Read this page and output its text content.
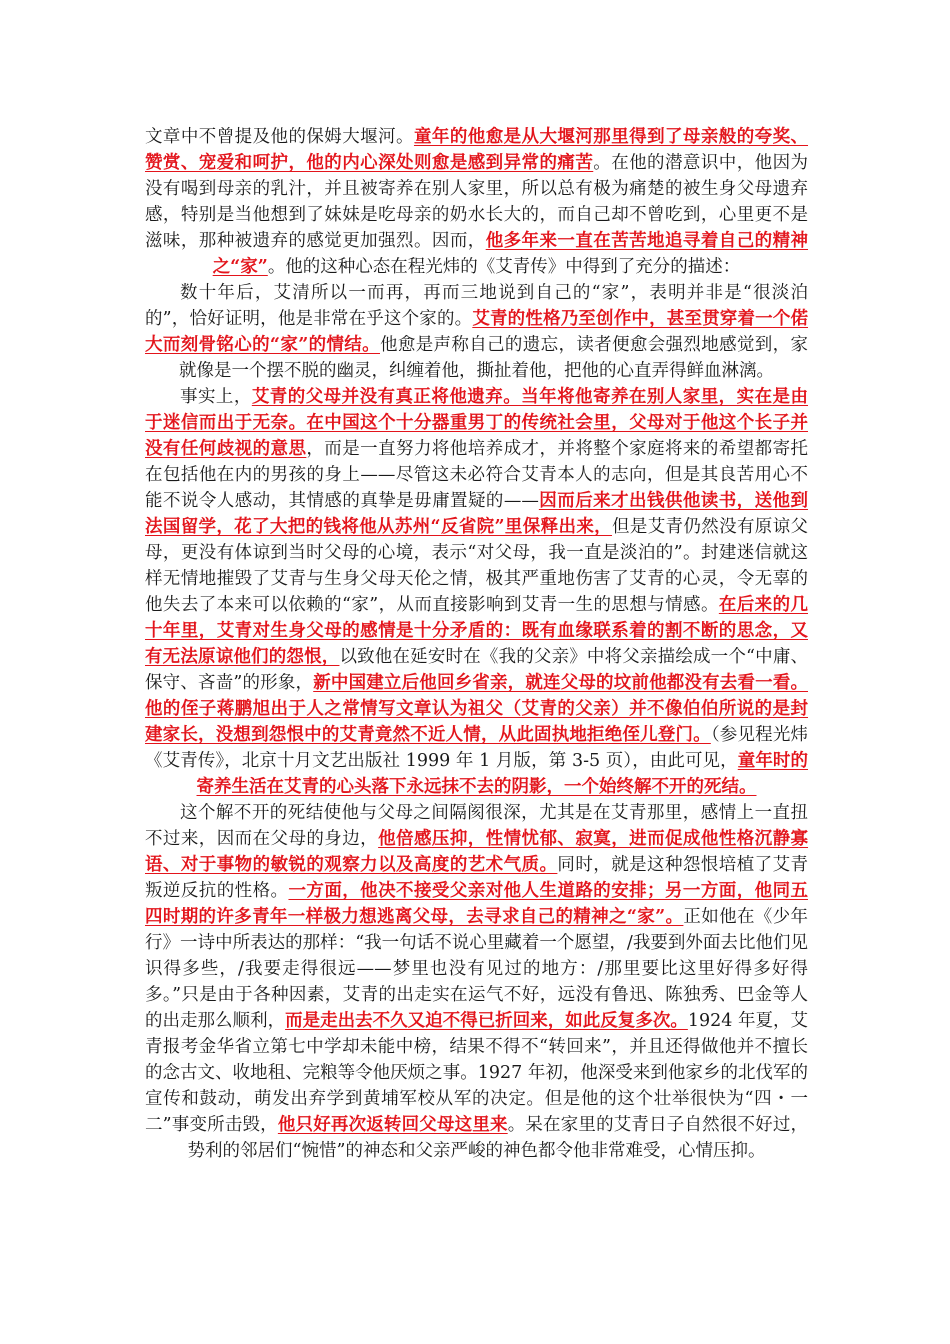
文章中不曾提及他的保姆大堰河。童年的他愈是从大堰河那里得到了母亲般的夸奖、赞赏、宠爱和呵护，他的内心深处则愈是感到异常的痛苦。在他的潜意识中，他因为没有喝到母亲的乳汁，并且被寄养在别人家里，所以总有极为痛楚的被生身父母遗弃感，特别是当他想到了妹妹是吃母亲的奶水长大的，而自己却不曾吃到，心里更不是滋味，那种被遗弃的感觉更加强烈。因而，他多年来一直在苦苦地追寻着自己的精神之“家”。他的这种心态在程光炜的《艾青传》中得到了充分的描述：

数十年后，艾清所以一而再，再而三地说到自己的“家”，表明并非是“很淡泊的”，恰好证明，他是非常在乎这个家的。艾青的性格乃至创作中，甚至贯穿着一个偌大而刻骨铭心的“家”的情结。他愈是声称自己的遗忘，读者便愈会强烈地感觉到，家就像是一个摆不脱的幽灵，纠缠着他，撕扯着他，把他的心直弄得鲜血淋漓。

事实上，艾青的父母并没有真正将他遗弃。当年将他寄养在别人家里，实在是由于迷信而出于无奈。在中国这个十分器重男丁的传统社会里，父母对于他这个长子并没有任何歧视的意思，而是一直努力将他培养成才，并将整个家庭将来的希望都寄托在包括他在内的男孩的身上——尽管这未必符合艾青本人的志向，但是其良苦用心不能不说令人感动，其情感的真挚是毋庸置疑的——因而后来才出钱供他读书，送他到法国留学，花了大把的钱将他从苏州“反省院”里保释出来，但是艾青仍然没有原谅父母，更没有体谅到当时父母的心境，表示“对父母，我一直是淡泊的”。封建迷信就这样无情地摧毁了艾青与生身父母天伦之情，极其严重地伤害了艾青的心灵，令无辜的他失去了本来可以依赖的“家”，从而直接影响到艾青一生的思想与情感。在后来的几十年里，艾青对生身父母的感情是十分矛盾的：既有血缘联系着的割不断的思念，又有无法原谅他们的怨恨，以致他在延安时在《我的父亲》中将父亲描绘成一个“中庸、保守、吝啬”的形象，新中国建立后他回乡省亲，就连父母的坟前他都没有去看一看。他的侄子蒋鹏旭出于人之常情写文章认为祖父（艾青的父亲）并不像伯伯所说的是封建家长，没想到怨恨中的艾青竟然不近人情，从此固执地拒绝侄儿登门。（参见程光炜《艾青传》，北京十月文艺出版社 1999 年 1 月版，第 3-5 页），由此可见，童年时的寄养生活在艾青的心头落下永远抹不去的阴影，一个始终解不开的死结。

这个解不开的死结使他与父母之间隔阂很深，尤其是在艾青那里，感情上一直扭不过来，因而在父母的身边，他倍感压抑，性情忧郁、寂寞，进而促成他性格沉静寡语、对于事物的敏锐的观察力以及高度的艺术气质。同时，就是这种怨恨培植了艾青叛逆反抗的性格。一方面，他决不接受父亲对他人生道路的安排；另一方面，他同五四时期的许多青年一样极力想逃离父母，去寻求自己的精神之“家”。正如他在《少年行》一诗中所表达的那样：“我一句话不说心里藏着一个愿望，/我要到外面去比他们见识得多些，/我要走得很远——梦里也没有见过的地方：/那里要比这里好得多好得多。”只是由于各种因素，艾青的出走实在运气不好，远没有鲁迅、陈独秀、巴金等人的出走那么顺利，而是走出去不久又迫不得已折回来，如此反复多次。1924 年夏，艾青报考金华省立第七中学却未能中榜，结果不得不“转回来”，并且还得做他并不擅长的念古文、收地租、完粮等令他厌烦之事。1927 年初，他深受来到他家乡的北伐军的宣传和鼓动，萌发出弃学到黄埔军校从军的决定。但是他的这个壮举很快为“四・一二”事变所击毁，他只好再次返转回父母这里来。呆在家里的艾青日子自然很不好过，势利的邻居们“惋惜”的神态和父亲严峻的神色都令他非常难受，心情压抑。
